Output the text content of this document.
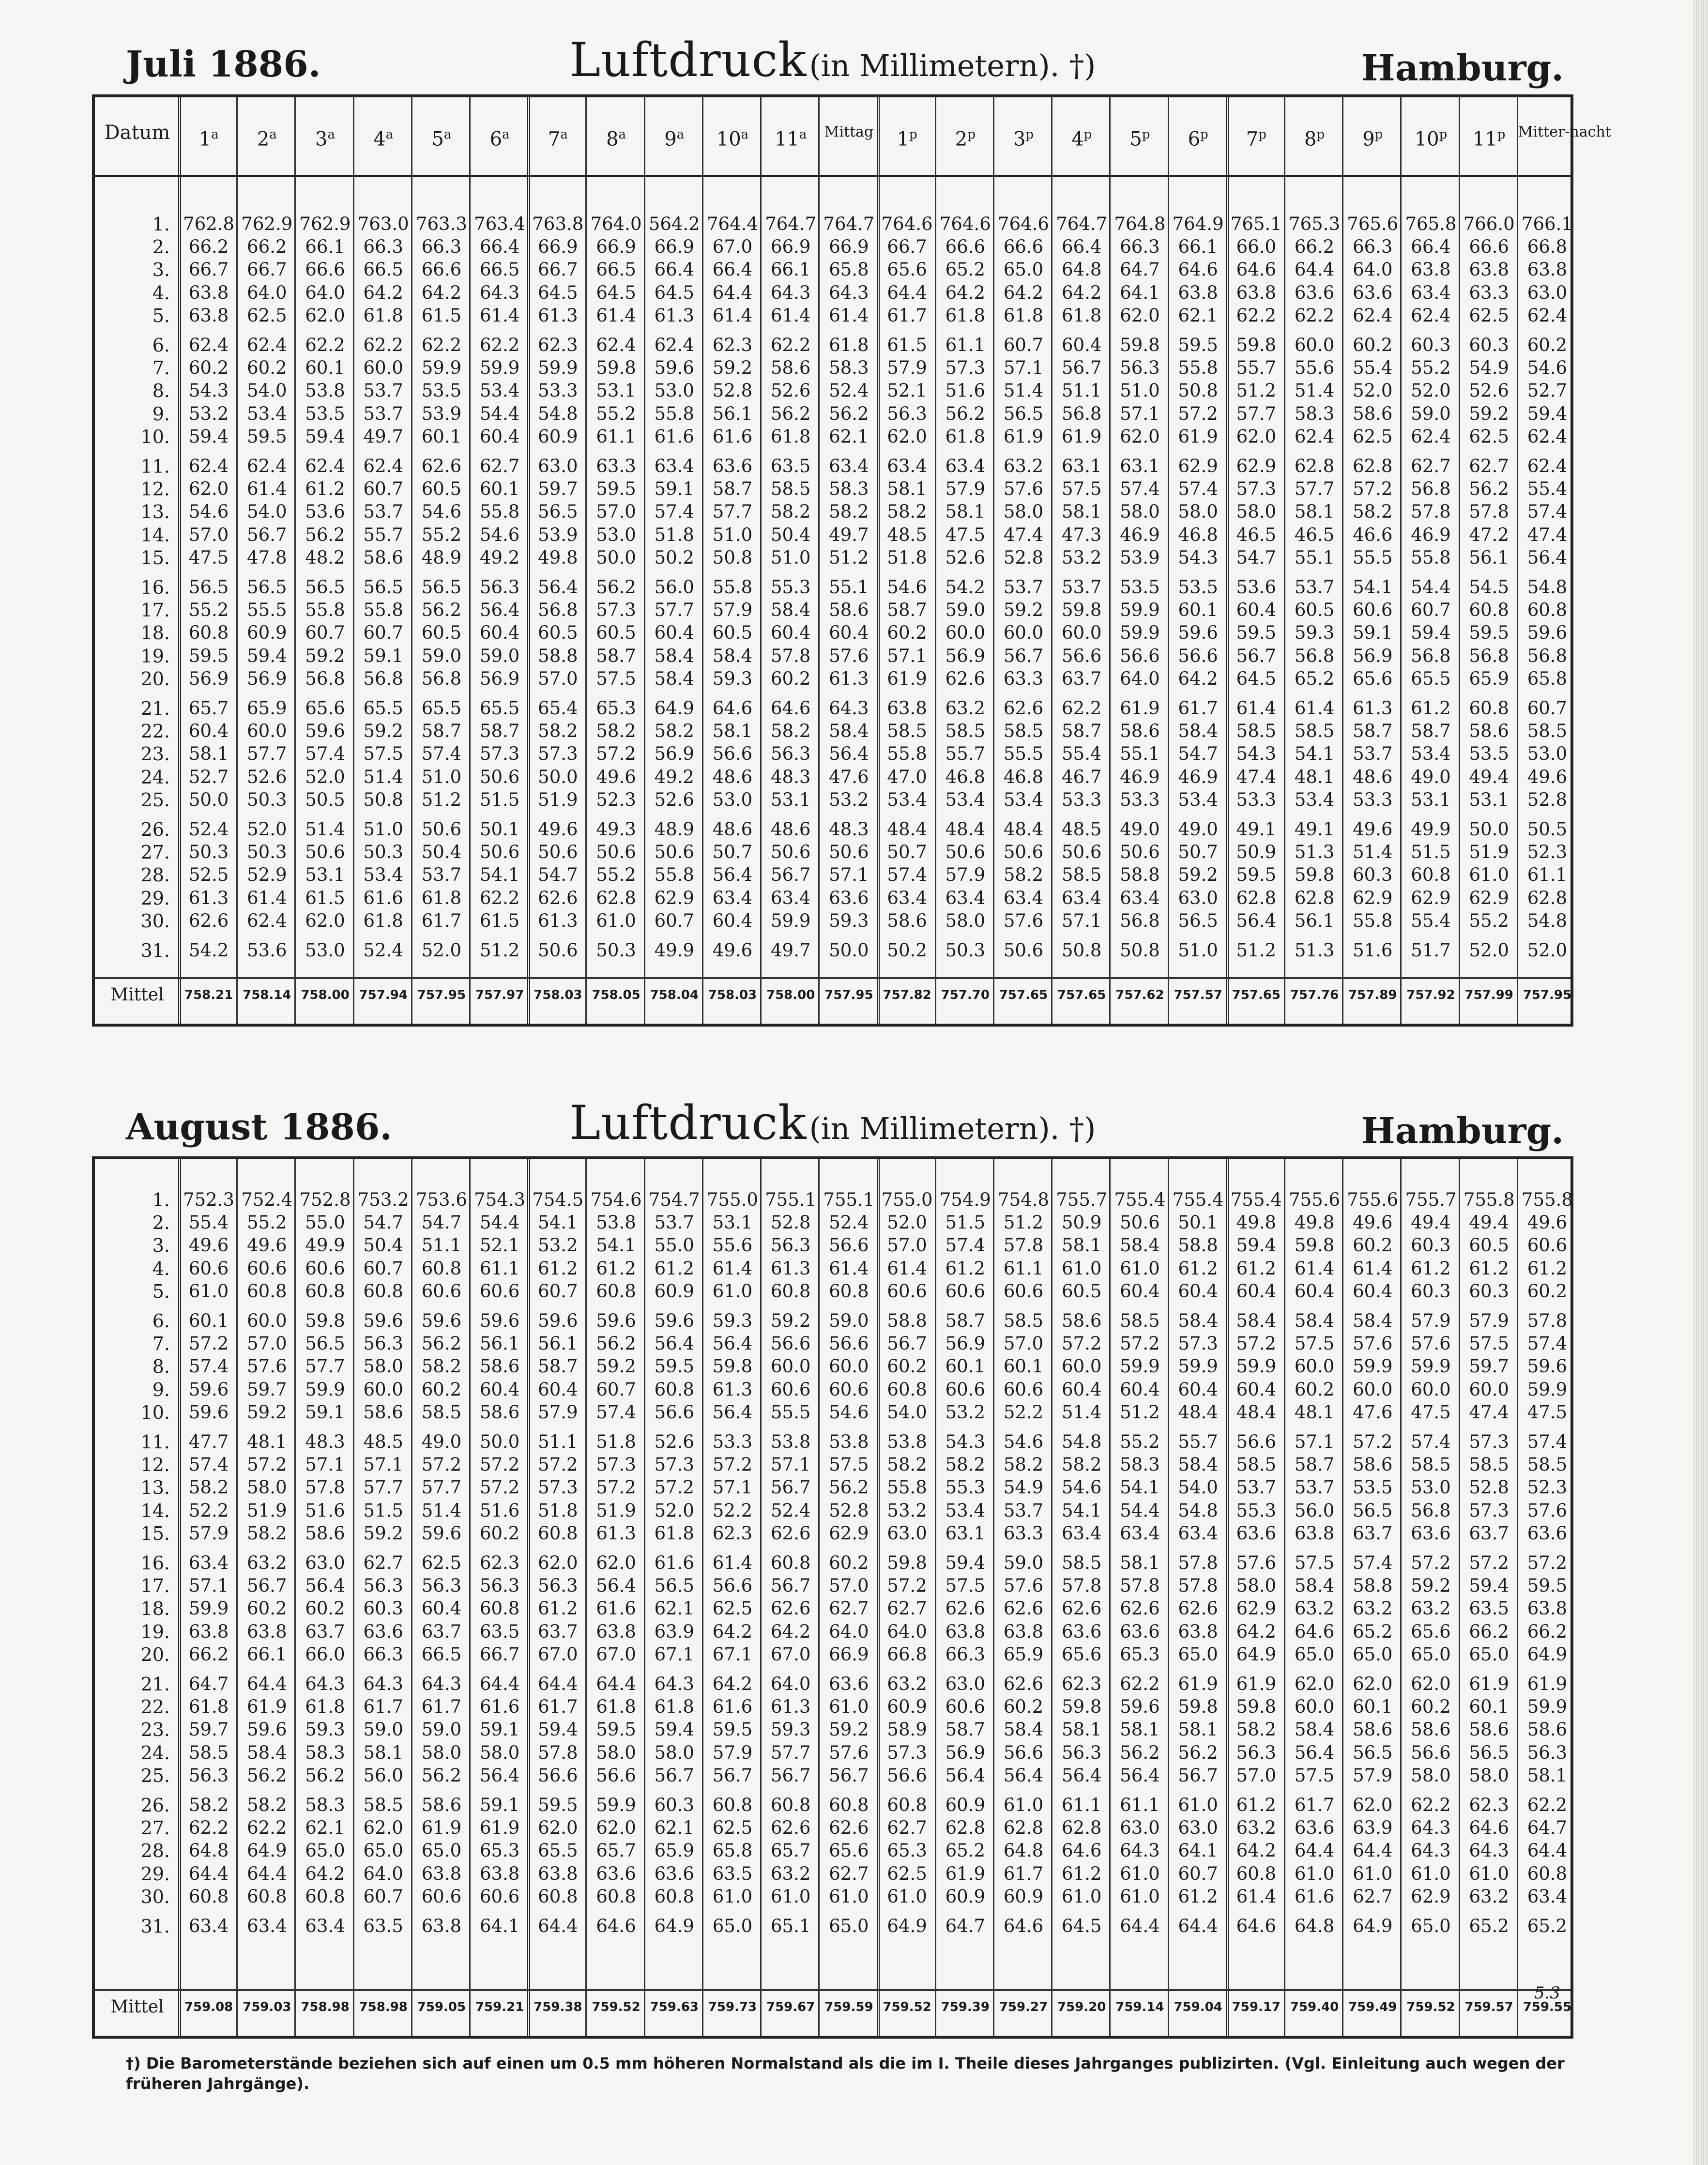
Juli 1886.	Luftdruck (in Millimetern). †)	Hamburg.
Datum	1$^a$	2$^a$	3$^a$	4$^a$	5$^a$	6$^a$	7$^a$	8$^a$	9$^a$	10$^a$	11$^a$	Mittag	1$^p$	2$^p$	3$^p$	4$^p$	5$^p$	6$^p$	7$^p$	8$^p$	9$^p$	10$^p$	11$^p$ Mitter-nacht
1. 762.8 762.9 762.9 763.0 763.3 763.4 763.8 764.0 564.2 764.4 764.7 764.7 764.6 764.6 764.6 764.7 764.8 764.9 765.1 765.3 765.6 765.8 766.0 766.1
2.	66.2	66.2	66.1	66.3	66.3	66.4	66.9	66.9	66.9	67.0	66.9	66.9	66.7	66.6	66.6	66.4	66.3	66.1	66.0	66.2	66.3	66.4	66.6	66.8
3.	66.7	66.7	66.6	66.5	66.6	66.5	66.7	66.5	66.4	66.4	66.1	65.8	65.6	65.2	65.0	64.8	64.7	64.6	64.6	64.4	64.0	63.8	63.8	63.8
4.	63.8	64.0	64.0	64.2	64.2	64.3	64.5	64.5	64.5	64.4	64.3	64.3	64.4	64.2	64.2	64.2	64.1	63.8	63.8	63.6	63.6	63.4	63.3	63.0
5.	63.8	62.5	62.0	61.8	61.5	61.4	61.3	61.4	61.3	61.4	61.4	61.4	61.7	61.8	61.8	61.8	62.0	62.1	62.2	62.2	62.4	62.4	62.5	62.4
6.	62.4	62.4	62.2	62.2	62.2	62.2	62.3	62.4	62.4	62.3	62.2	61.8	61.5	61.1	60.7	60.4	59.8	59.5	59.8	60.0	60.2	60.3	60.3	60.2
7.	60.2	60.2	60.1	60.0	59.9	59.9	59.9	59.8	59.6	59.2	58.6	58.3	57.9	57.3	57.1	56.7	56.3	55.8	55.7	55.6	55.4	55.2	54.9	54.6
8.	54.3	54.0	53.8	53.7	53.5	53.4	53.3	53.1	53.0	52.8	52.6	52.4	52.1	51.6	51.4	51.1	51.0	50.8	51.2	51.4	52.0	52.0	52.6	52.7
9.	53.2	53.4	53.5	53.7	53.9	54.4	54.8	55.2	55.8	56.1	56.2	56.2	56.3	56.2	56.5	56.8	57.1	57.2	57.7	58.3	58.6	59.0	59.2	59.4
10.	59.4	59.5	59.4	49.7	60.1	60.4	60.9	61.1	61.6	61.6	61.8	62.1	62.0	61.8	61.9	61.9	62.0	61.9	62.0	62.4	62.5	62.4	62.5	62.4
11.	62.4	62.4	62.4	62.4	62.6	62.7	63.0	63.3	63.4	63.6	63.5	63.4	63.4	63.4	63.2	63.1	63.1	62.9	62.9	62.8	62.8	62.7	62.7	62.4
12.	62.0	61.4	61.2	60.7	60.5	60.1	59.7	59.5	59.1	58.7	58.5	58.3	58.1	57.9	57.6	57.5	57.4	57.4	57.3	57.7	57.2	56.8	56.2	55.4
13.	54.6	54.0	53.6	53.7	54.6	55.8	56.5	57.0	57.4	57.7	58.2	58.2	58.2	58.1	58.0	58.1	58.0	58.0	58.0	58.1	58.2	57.8	57.8	57.4
14.	57.0	56.7	56.2	55.7	55.2	54.6	53.9	53.0	51.8	51.0	50.4	49.7	48.5	47.5	47.4	47.3	46.9	46.8	46.5	46.5	46.6	46.9	47.2	47.4
15.	47.5	47.8	48.2	58.6	48.9	49.2	49.8	50.0	50.2	50.8	51.0	51.2	51.8	52.6	52.8	53.2	53.9	54.3	54.7	55.1	55.5	55.8	56.1	56.4
16.	56.5	56.5	56.5	56.5	56.5	56.3	56.4	56.2	56.0	55.8	55.3	55.1	54.6	54.2	53.7	53.7	53.5	53.5	53.6	53.7	54.1	54.4	54.5	54.8
17.	55.2	55.5	55.8	55.8	56.2	56.4	56.8	57.3	57.7	57.9	58.4	58.6	58.7	59.0	59.2	59.8	59.9	60.1	60.4	60.5	60.6	60.7	60.8	60.8
18.	60.8	60.9	60.7	60.7	60.5	60.4	60.5	60.5	60.4	60.5	60.4	60.4	60.2	60.0	60.0	60.0	59.9	59.6	59.5	59.3	59.1	59.4	59.5	59.6
19.	59.5	59.4	59.2	59.1	59.0	59.0	58.8	58.7	58.4	58.4	57.8	57.6	57.1	56.9	56.7	56.6	56.6	56.6	56.7	56.8	56.9	56.8	56.8	56.8
20.	56.9	56.9	56.8	56.8	56.8	56.9	57.0	57.5	58.4	59.3	60.2	61.3	61.9	62.6	63.3	63.7	64.0	64.2	64.5	65.2	65.6	65.5	65.9	65.8
21.	65.7	65.9	65.6	65.5	65.5	65.5	65.4	65.3	64.9	64.6	64.6	64.3	63.8	63.2	62.6	62.2	61.9	61.7	61.4	61.4	61.3	61.2	60.8	60.7
22.	60.4	60.0	59.6	59.2	58.7	58.7	58.2	58.2	58.2	58.1	58.2	58.4	58.5	58.5	58.5	58.7	58.6	58.4	58.5	58.5	58.7	58.7	58.6	58.5
23.	58.1	57.7	57.4	57.5	57.4	57.3	57.3	57.2	56.9	56.6	56.3	56.4	55.8	55.7	55.5	55.4	55.1	54.7	54.3	54.1	53.7	53.4	53.5	53.0
24.	52.7	52.6	52.0	51.4	51.0	50.6	50.0	49.6	49.2	48.6	48.3	47.6	47.0	46.8	46.8	46.7	46.9	46.9	47.4	48.1	48.6	49.0	49.4	49.6
25.	50.0	50.3	50.5	50.8	51.2	51.5	51.9	52.3	52.6	53.0	53.1	53.2	53.4	53.4	53.4	53.3	53.3	53.4	53.3	53.4	53.3	53.1	53.1	52.8
26.	52.4	52.0	51.4	51.0	50.6	50.1	49.6	49.3	48.9	48.6	48.6	48.3	48.4	48.4	48.4	48.5	49.0	49.0	49.1	49.1	49.6	49.9	50.0	50.5
27.	50.3	50.3	50.6	50.3	50.4	50.6	50.6	50.6	50.6	50.7	50.6	50.6	50.7	50.6	50.6	50.6	50.6	50.7	50.9	51.3	51.4	51.5	51.9	52.3
28.	52.5	52.9	53.1	53.4	53.7	54.1	54.7	55.2	55.8	56.4	56.7	57.1	57.4	57.9	58.2	58.5	58.8	59.2	59.5	59.8	60.3	60.8	61.0	61.1
29.	61.3	61.4	61.5	61.6	61.8	62.2	62.6	62.8	62.9	63.4	63.4	63.6	63.4	63.4	63.4	63.4	63.4	63.0	62.8	62.8	62.9	62.9	62.9	62.8
30.	62.6	62.4	62.0	61.8	61.7	61.5	61.3	61.0	60.7	60.4	59.9	59.3	58.6	58.0	57.6	57.1	56.8	56.5	56.4	56.1	55.8	55.4	55.2	54.8
31.	54.2	53.6	53.0	52.4	52.0	51.2	50.6	50.3	49.9	49.6	49.7	50.0	50.2	50.3	50.6	50.8	50.8	51.0	51.2	51.3	51.6	51.7	52.0	52.0
Mittel	758.21 758.14 758.00 757.94 757.95 757.97 758.03 758.05 758.04 758.03 758.00 757.95 757.82 757.70 757.65 757.65 757.62 757.57 757.65 757.76 757.89 757.92 757.99 757.95
August 1886.	Luftdruck (in Millimetern). †)	Hamburg.
1. 752.3 752.4 752.8 753.2 753.6 754.3 754.5 754.6 754.7 755.0 755.1 755.1 755.0 754.9 754.8 755.7 755.4 755.4 755.4 755.6 755.6 755.7 755.8 755.8
2.	55.4	55.2	55.0	54.7	54.7	54.4	54.1	53.8	53.7	53.1	52.8	52.4	52.0	51.5	51.2	50.9	50.6	50.1	49.8	49.8	49.6	49.4	49.4	49.6
3.	49.6	49.6	49.9	50.4	51.1	52.1	53.2	54.1	55.0	55.6	56.3	56.6	57.0	57.4	57.8	58.1	58.4	58.8	59.4	59.8	60.2	60.3	60.5	60.6
4.	60.6	60.6	60.6	60.7	60.8	61.1	61.2	61.2	61.2	61.4	61.3	61.4	61.4	61.2	61.1	61.0	61.0	61.2	61.2	61.4	61.4	61.2	61.2	61.2
5.	61.0	60.8	60.8	60.8	60.6	60.6	60.7	60.8	60.9	61.0	60.8	60.8	60.6	60.6	60.6	60.5	60.4	60.4	60.4	60.4	60.4	60.3	60.3	60.2
6.	60.1	60.0	59.8	59.6	59.6	59.6	59.6	59.6	59.6	59.3	59.2	59.0	58.8	58.7	58.5	58.6	58.5	58.4	58.4	58.4	58.4	57.9	57.9	57.8
7.	57.2	57.0	56.5	56.3	56.2	56.1	56.1	56.2	56.4	56.4	56.6	56.6	56.7	56.9	57.0	57.2	57.2	57.3	57.2	57.5	57.6	57.6	57.5	57.4
8.	57.4	57.6	57.7	58.0	58.2	58.6	58.7	59.2	59.5	59.8	60.0	60.0	60.2	60.1	60.1	60.0	59.9	59.9	59.9	60.0	59.9	59.9	59.7	59.6
9.	59.6	59.7	59.9	60.0	60.2	60.4	60.4	60.7	60.8	61.3	60.6	60.6	60.8	60.6	60.6	60.4	60.4	60.4	60.4	60.2	60.0	60.0	60.0	59.9
10.	59.6	59.2	59.1	58.6	58.5	58.6	57.9	57.4	56.6	56.4	55.5	54.6	54.0	53.2	52.2	51.4	51.2	48.4	48.4	48.1	47.6	47.5	47.4	47.5
11.	47.7	48.1	48.3	48.5	49.0	50.0	51.1	51.8	52.6	53.3	53.8	53.8	53.8	54.3	54.6	54.8	55.2	55.7	56.6	57.1	57.2	57.4	57.3	57.4
12.	57.4	57.2	57.1	57.1	57.2	57.2	57.2	57.3	57.3	57.2	57.1	57.5	58.2	58.2	58.2	58.2	58.3	58.4	58.5	58.7	58.6	58.5	58.5	58.5
13.	58.2	58.0	57.8	57.7	57.7	57.2	57.3	57.2	57.2	57.1	56.7	56.2	55.8	55.3	54.9	54.6	54.1	54.0	53.7	53.7	53.5	53.0	52.8	52.3
14.	52.2	51.9	51.6	51.5	51.4	51.6	51.8	51.9	52.0	52.2	52.4	52.8	53.2	53.4	53.7	54.1	54.4	54.8	55.3	56.0	56.5	56.8	57.3	57.6
15.	57.9	58.2	58.6	59.2	59.6	60.2	60.8	61.3	61.8	62.3	62.6	62.9	63.0	63.1	63.3	63.4	63.4	63.4	63.6	63.8	63.7	63.6	63.7	63.6
16.	63.4	63.2	63.0	62.7	62.5	62.3	62.0	62.0	61.6	61.4	60.8	60.2	59.8	59.4	59.0	58.5	58.1	57.8	57.6	57.5	57.4	57.2	57.2	57.2
17.	57.1	56.7	56.4	56.3	56.3	56.3	56.3	56.4	56.5	56.6	56.7	57.0	57.2	57.5	57.6	57.8	57.8	57.8	58.0	58.4	58.8	59.2	59.4	59.5
18.	59.9	60.2	60.2	60.3	60.4	60.8	61.2	61.6	62.1	62.5	62.6	62.7	62.7	62.6	62.6	62.6	62.6	62.6	62.9	63.2	63.2	63.2	63.5	63.8
19.	63.8	63.8	63.7	63.6	63.7	63.5	63.7	63.8	63.9	64.2	64.2	64.0	64.0	63.8	63.8	63.6	63.6	63.8	64.2	64.6	65.2	65.6	66.2	66.2
20.	66.2	66.1	66.0	66.3	66.5	66.7	67.0	67.0	67.1	67.1	67.0	66.9	66.8	66.3	65.9	65.6	65.3	65.0	64.9	65.0	65.0	65.0	65.0	64.9
21.	64.7	64.4	64.3	64.3	64.3	64.4	64.4	64.4	64.3	64.2	64.0	63.6	63.2	63.0	62.6	62.3	62.2	61.9	61.9	62.0	62.0	62.0	61.9	61.9
22.	61.8	61.9	61.8	61.7	61.7	61.6	61.7	61.8	61.8	61.6	61.3	61.0	60.9	60.6	60.2	59.8	59.6	59.8	59.8	60.0	60.1	60.2	60.1	59.9
23.	59.7	59.6	59.3	59.0	59.0	59.1	59.4	59.5	59.4	59.5	59.3	59.2	58.9	58.7	58.4	58.1	58.1	58.1	58.2	58.4	58.6	58.6	58.6	58.6
24.	58.5	58.4	58.3	58.1	58.0	58.0	57.8	58.0	58.0	57.9	57.7	57.6	57.3	56.9	56.6	56.3	56.2	56.2	56.3	56.4	56.5	56.6	56.5	56.3
25.	56.3	56.2	56.2	56.0	56.2	56.4	56.6	56.6	56.7	56.7	56.7	56.7	56.6	56.4	56.4	56.4	56.4	56.7	57.0	57.5	57.9	58.0	58.0	58.1
26.	58.2	58.2	58.3	58.5	58.6	59.1	59.5	59.9	60.3	60.8	60.8	60.8	60.8	60.9	61.0	61.1	61.1	61.0	61.2	61.7	62.0	62.2	62.3	62.2
27.	62.2	62.2	62.1	62.0	61.9	61.9	62.0	62.0	62.1	62.5	62.6	62.6	62.7	62.8	62.8	62.8	63.0	63.0	63.2	63.6	63.9	64.3	64.6	64.7
28.	64.8	64.9	65.0	65.0	65.0	65.3	65.5	65.7	65.9	65.8	65.7	65.6	65.3	65.2	64.8	64.6	64.3	64.1	64.2	64.4	64.4	64.3	64.3	64.4
29.	64.4	64.4	64.2	64.0	63.8	63.8	63.8	63.6	63.6	63.5	63.2	62.7	62.5	61.9	61.7	61.2	61.0	60.7	60.8	61.0	61.0	61.0	61.0	60.8
30.	60.8	60.8	60.8	60.7	60.6	60.6	60.8	60.8	60.8	61.0	61.0	61.0	61.0	60.9	60.9	61.0	61.0	61.2	61.4	61.6	62.7	62.9	63.2	63.4
31.	63.4	63.4	63.4	63.5	63.8	64.1	64.4	64.6	64.9	65.0	65.1	65.0	64.9	64.7	64.6	64.5	64.4	64.4	64.6	64.8	64.9	65.0	65.2	65.2
Mittel	759.08 759.03 758.98 758.98 759.05 759.21 759.38 759.52 759.63 759.73 759.67 759.59 759.52 759.39 759.27 759.20 759.14 759.04 759.17 759.40 759.49 759.52 759.57 759.55
5.3
†) Die Barometerstände beziehen sich auf einen um 0.5 mm höheren Normalstand als die im I. Theile dieses Jahrganges publizirten. (Vgl. Einleitung auch wegen der früheren Jahrgänge).
